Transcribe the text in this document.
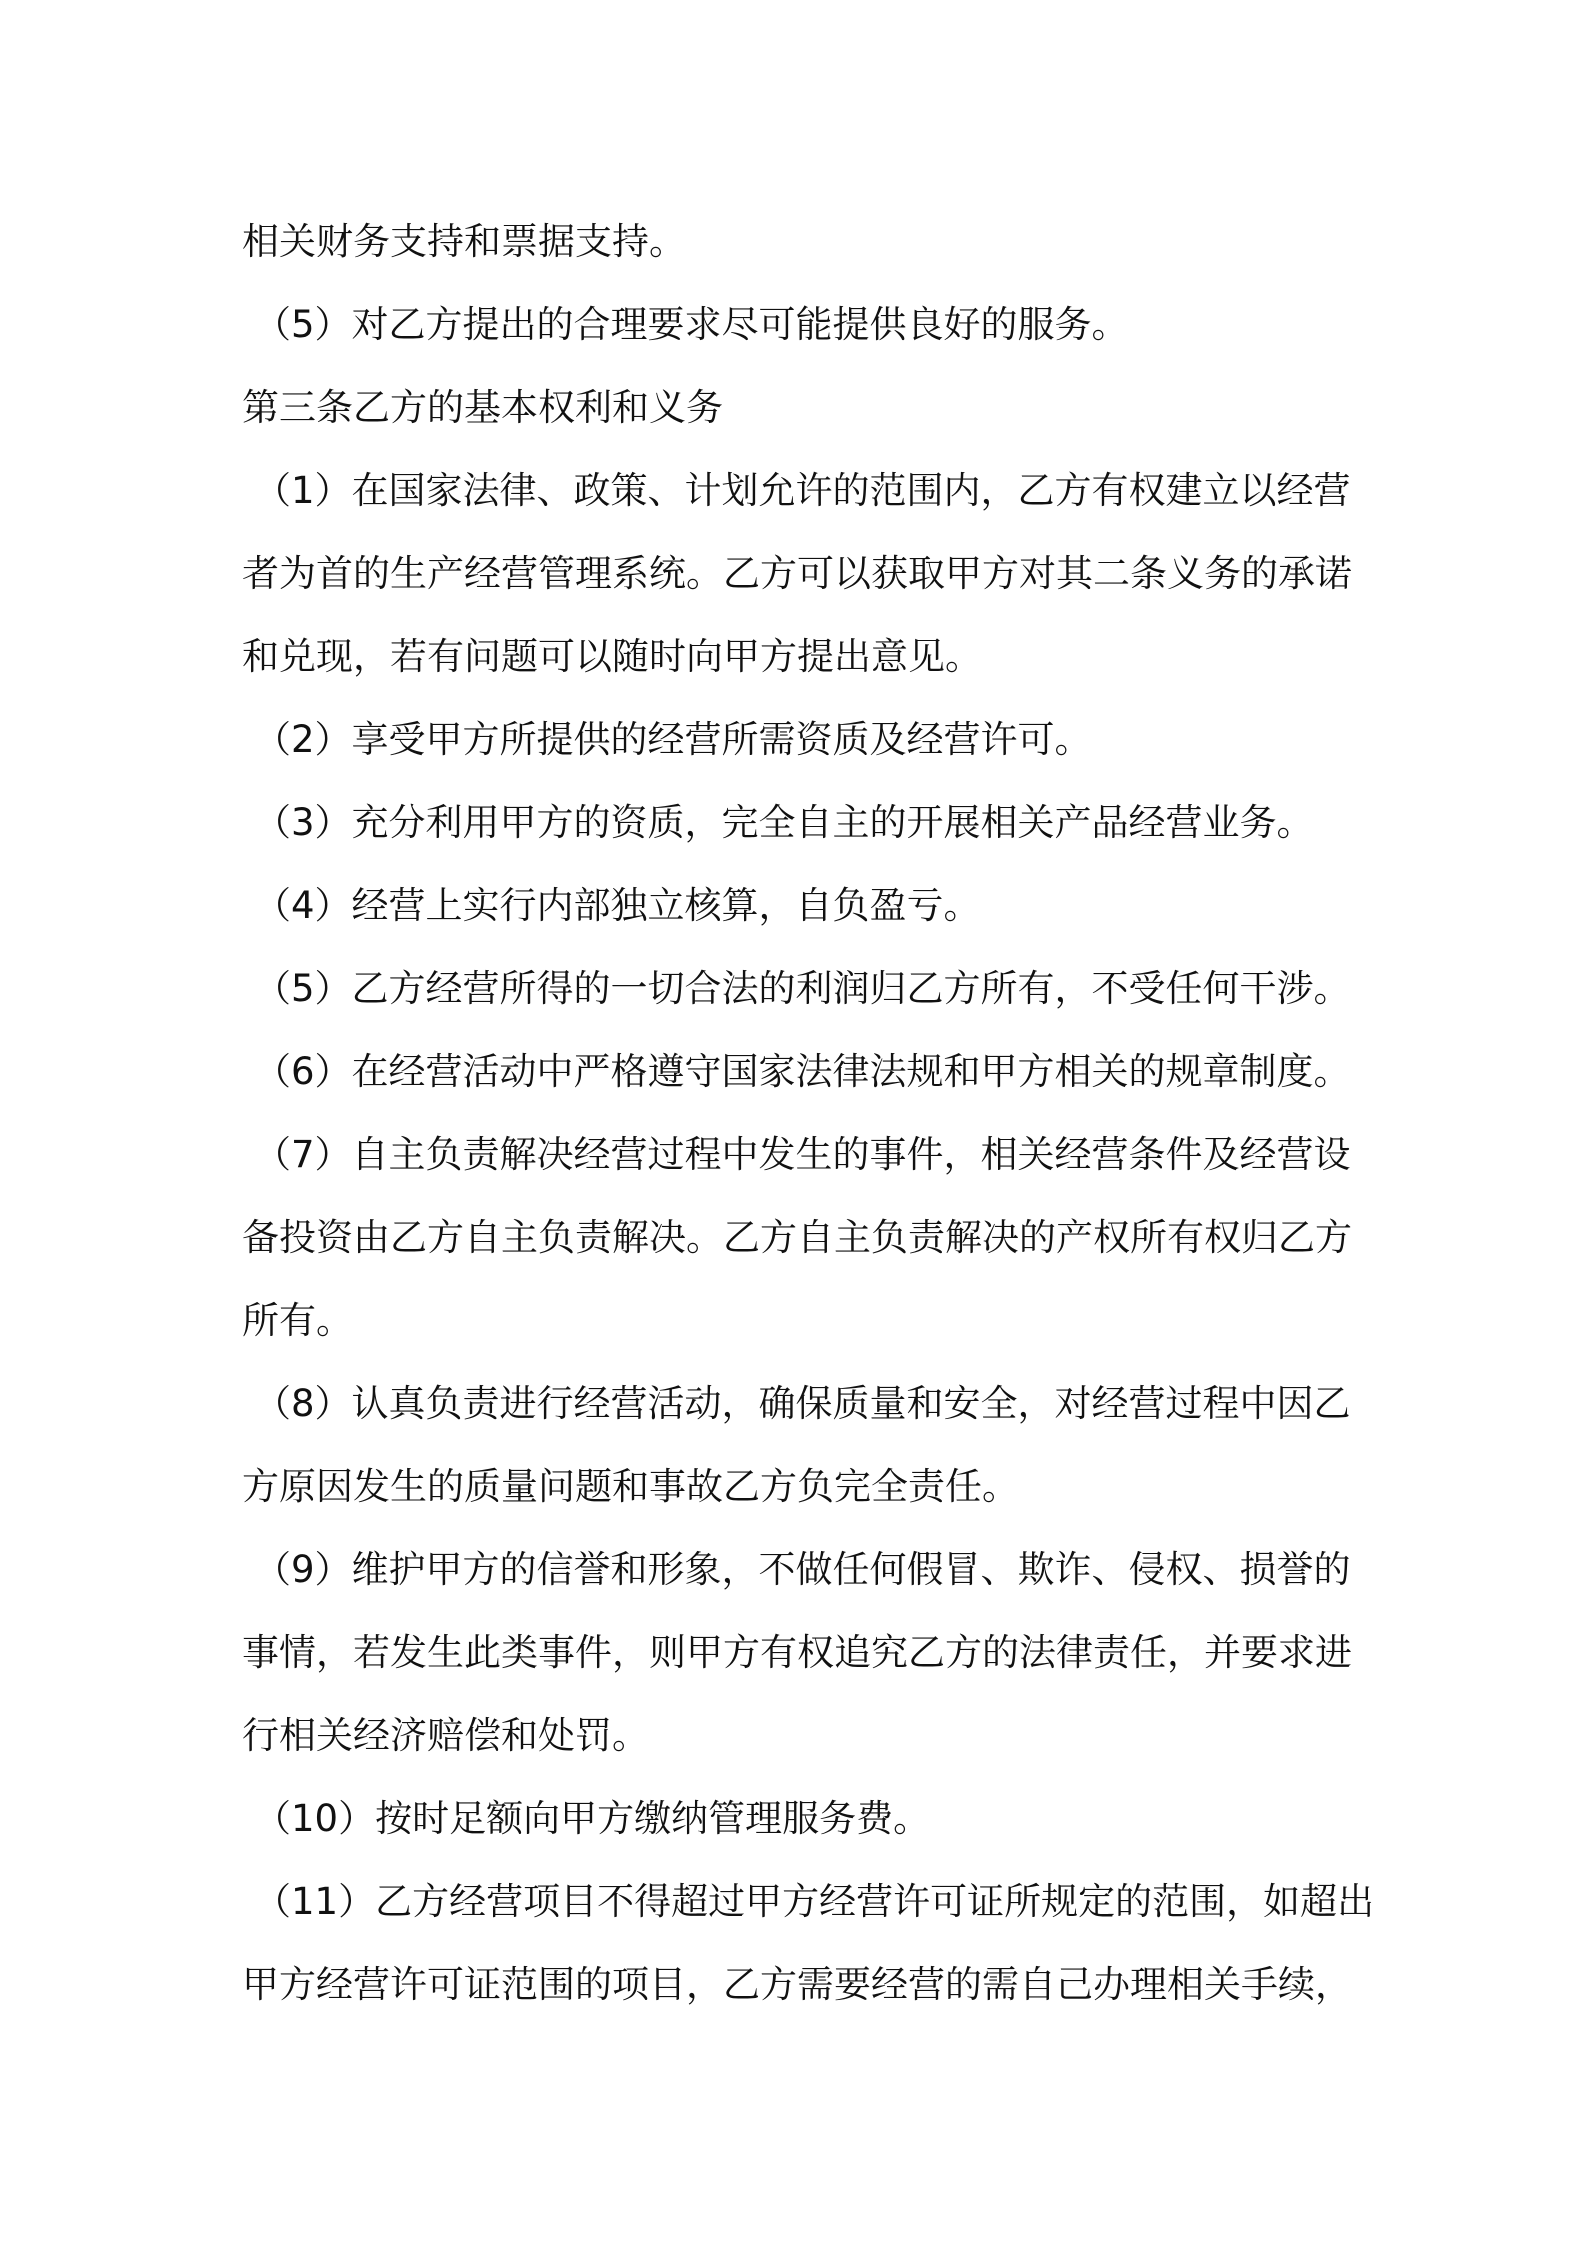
相关财务支持和票据支持。
（5）对乙方提出的合理要求尽可能提供良好的服务。
第三条乙方的基本权利和义务
（1）在国家法律、政策、计划允许的范围内，乙方有权建立以经营
者为首的生产经营管理系统。乙方可以获取甲方对其二条义务的承诺
和兑现，若有问题可以随时向甲方提出意见。
（2）享受甲方所提供的经营所需资质及经营许可。
（3）充分利用甲方的资质，完全自主的开展相关产品经营业务。
（4）经营上实行内部独立核算，自负盈亏。
（5）乙方经营所得的一切合法的利润归乙方所有，不受任何干涉。
（6）在经营活动中严格遵守国家法律法规和甲方相关的规章制度。
（7）自主负责解决经营过程中发生的事件，相关经营条件及经营设
备投资由乙方自主负责解决。乙方自主负责解决的产权所有权归乙方
所有。
（8）认真负责进行经营活动，确保质量和安全，对经营过程中因乙
方原因发生的质量问题和事故乙方负完全责任。
（9）维护甲方的信誉和形象，不做任何假冒、欺诈、侵权、损誉的
事情，若发生此类事件，则甲方有权追究乙方的法律责任，并要求进
行相关经济赔偿和处罚。
（10）按时足额向甲方缴纳管理服务费。
（11）乙方经营项目不得超过甲方经营许可证所规定的范围，如超出
甲方经营许可证范围的项目，乙方需要经营的需自己办理相关手续，
